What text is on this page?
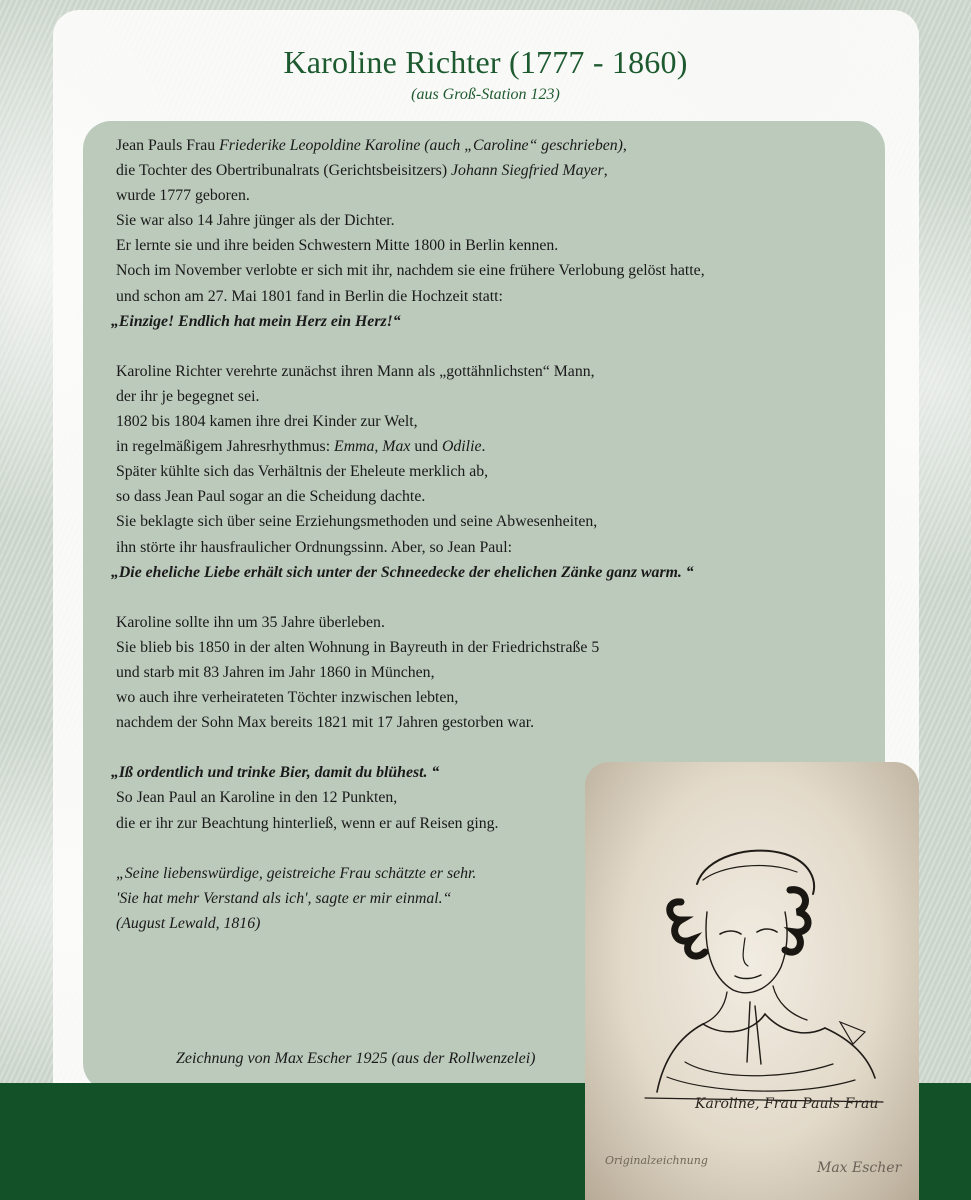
Karoline Richter (1777 - 1860)
(aus Groß-Station 123)
Jean Pauls Frau Friederike Leopoldine Karoline (auch „Caroline“ geschrieben),
die Tochter des Obertribunalrats (Gerichtsbeisitzers) Johann Siegfried Mayer,
wurde 1777 geboren.
Sie war also 14 Jahre jünger als der Dichter.
Er lernte sie und ihre beiden Schwestern Mitte 1800 in Berlin kennen.
Noch im November verlobte er sich mit ihr, nachdem sie eine frühere Verlobung gelöst hatte,
und schon am 27. Mai 1801 fand in Berlin die Hochzeit statt:
„Einzige! Endlich hat mein Herz ein Herz!“
Karoline Richter verehrte zunächst ihren Mann als „gottähnlichsten“ Mann,
der ihr je begegnet sei.
1802 bis 1804 kamen ihre drei Kinder zur Welt,
in regelmäßigem Jahresrhythmus: Emma, Max und Odilie.
Später kühlte sich das Verhältnis der Eheleute merklich ab,
so dass Jean Paul sogar an die Scheidung dachte.
Sie beklagte sich über seine Erziehungsmethoden und seine Abwesenheiten,
ihn störte ihr hausfraulicher Ordnungssinn. Aber, so Jean Paul:
„Die eheliche Liebe erhält sich unter der Schneedecke der ehelichen Zänke ganz warm. “
Karoline sollte ihn um 35 Jahre überleben.
Sie blieb bis 1850 in der alten Wohnung in Bayreuth in der Friedrichstraße 5
und starb mit 83 Jahren im Jahr 1860 in München,
wo auch ihre verheirateten Töchter inzwischen lebten,
nachdem der Sohn Max bereits 1821 mit 17 Jahren gestorben war.
„Iß ordentlich und trinke Bier, damit du blühest. “
So Jean Paul an Karoline in den 12 Punkten,
die er ihr zur Beachtung hinterließ, wenn er auf Reisen ging.
„Seine liebenswürdige, geistreiche Frau schätzte er sehr.
'Sie hat mehr Verstand als ich', sagte er mir einmal.“
(August Lewald, 1816)
Zeichnung von Max Escher 1925 (aus der Rollwenzelei)
Karoline, Frau Pauls Frau
Originalzeichnung	Max Escher
